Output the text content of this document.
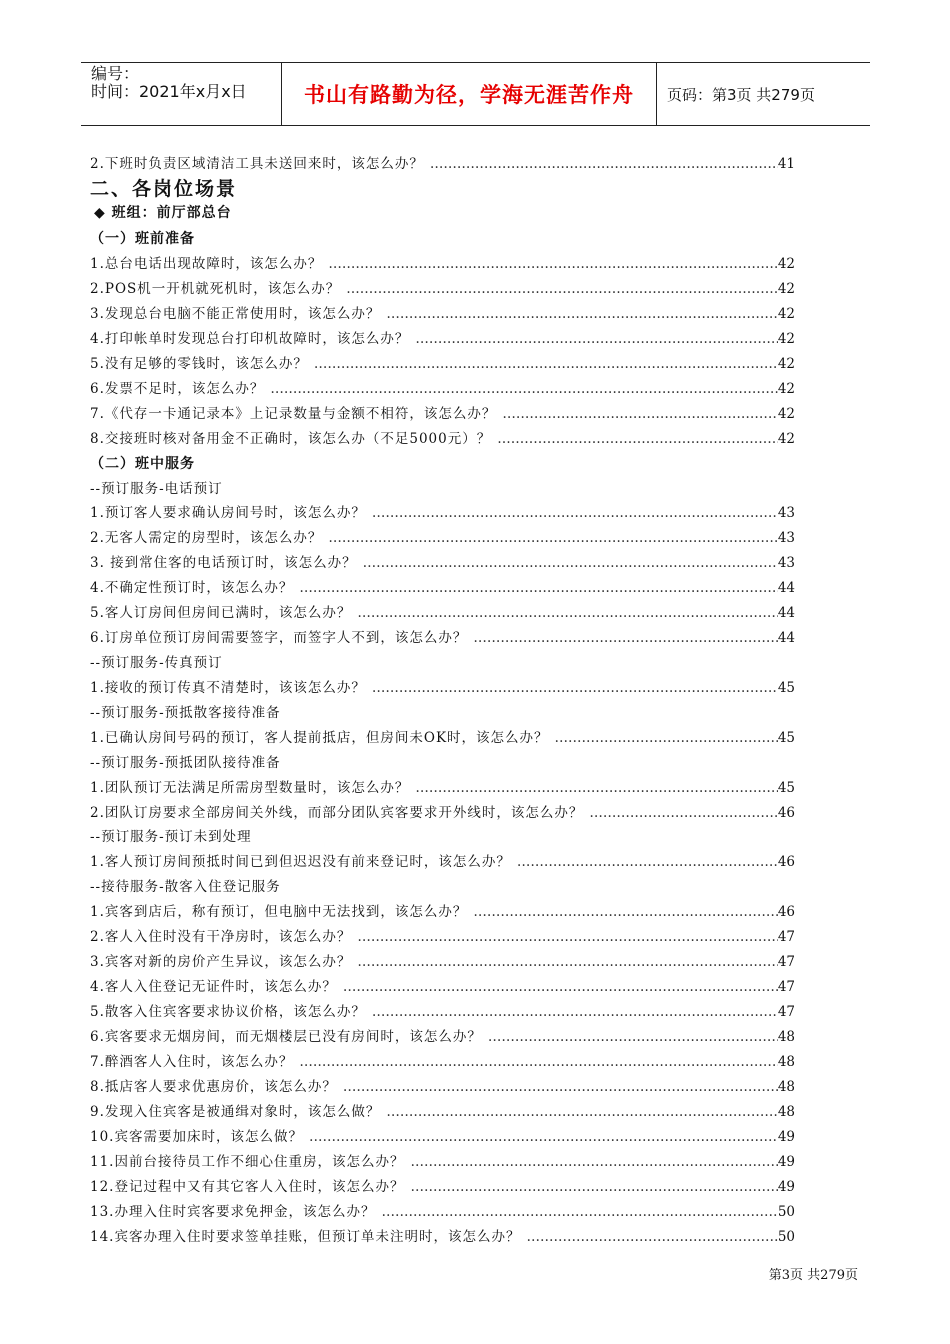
编号：
时间：2021年x月x日	书山有路勤为径，学海无涯苦作舟	页码：第3页 共279页
2.下班时负责区域清洁工具未送回来时，该怎么办？ …………………………………………………………………………………………………………………………………………………………	41
二、各岗位场景
◆ 班组：前厅部总台
（一）班前准备
1.总台电话出现故障时，该怎么办？ …………………………………………………………………………………………………………………………………………………………	42
2.POS机一开机就死机时，该怎么办？ …………………………………………………………………………………………………………………………………………………………	42
3.发现总台电脑不能正常使用时，该怎么办？ …………………………………………………………………………………………………………………………………………………………	42
4.打印帐单时发现总台打印机故障时，该怎么办？ …………………………………………………………………………………………………………………………………………………………	42
5.没有足够的零钱时，该怎么办？ …………………………………………………………………………………………………………………………………………………………	42
6.发票不足时，该怎么办？ …………………………………………………………………………………………………………………………………………………………	42
7.《代存一卡通记录本》上记录数量与金额不相符，该怎么办？ …………………………………………………………………………………………………………………………………………………………	42
8.交接班时核对备用金不正确时，该怎么办（不足5000元）？ …………………………………………………………………………………………………………………………………………………………	42
（二）班中服务
--预订服务-电话预订
1.预订客人要求确认房间号时，该怎么办？ …………………………………………………………………………………………………………………………………………………………	43
2.无客人需定的房型时，该怎么办？ …………………………………………………………………………………………………………………………………………………………	43
3. 接到常住客的电话预订时，该怎么办？ …………………………………………………………………………………………………………………………………………………………	43
4.不确定性预订时，该怎么办？ …………………………………………………………………………………………………………………………………………………………	44
5.客人订房间但房间已满时，该怎么办？ …………………………………………………………………………………………………………………………………………………………	44
6.订房单位预订房间需要签字，而签字人不到，该怎么办？ …………………………………………………………………………………………………………………………………………………………	44
--预订服务-传真预订
1.接收的预订传真不清楚时，该该怎么办？ …………………………………………………………………………………………………………………………………………………………	45
--预订服务-预抵散客接待准备
1.已确认房间号码的预订，客人提前抵店，但房间未OK时，该怎么办？ …………………………………………………………………………………………………………………………………………………………	45
--预订服务-预抵团队接待准备
1.团队预订无法满足所需房型数量时，该怎么办？ …………………………………………………………………………………………………………………………………………………………	45
2.团队订房要求全部房间关外线，而部分团队宾客要求开外线时，该怎么办？ …………………………………………………………………………………………………………………………………………………………	46
--预订服务-预订未到处理
1.客人预订房间预抵时间已到但迟迟没有前来登记时，该怎么办？ …………………………………………………………………………………………………………………………………………………………	46
--接待服务-散客入住登记服务
1.宾客到店后，称有预订，但电脑中无法找到，该怎么办？ …………………………………………………………………………………………………………………………………………………………	46
2.客人入住时没有干净房时，该怎么办？ …………………………………………………………………………………………………………………………………………………………	47
3.宾客对新的房价产生异议，该怎么办？ …………………………………………………………………………………………………………………………………………………………	47
4.客人入住登记无证件时，该怎么办？ …………………………………………………………………………………………………………………………………………………………	47
5.散客入住宾客要求协议价格，该怎么办？ …………………………………………………………………………………………………………………………………………………………	47
6.宾客要求无烟房间，而无烟楼层已没有房间时，该怎么办？ …………………………………………………………………………………………………………………………………………………………	48
7.醉酒客人入住时，该怎么办？ …………………………………………………………………………………………………………………………………………………………	48
8.抵店客人要求优惠房价，该怎么办？ …………………………………………………………………………………………………………………………………………………………	48
9.发现入住宾客是被通缉对象时，该怎么做？ …………………………………………………………………………………………………………………………………………………………	48
10.宾客需要加床时，该怎么做？ …………………………………………………………………………………………………………………………………………………………	49
11.因前台接待员工作不细心住重房，该怎么办？ …………………………………………………………………………………………………………………………………………………………	49
12.登记过程中又有其它客人入住时，该怎么办？ …………………………………………………………………………………………………………………………………………………………	49
13.办理入住时宾客要求免押金，该怎么办？ …………………………………………………………………………………………………………………………………………………………	50
14.宾客办理入住时要求签单挂账，但预订单未注明时，该怎么办？ …………………………………………………………………………………………………………………………………………………………	50
第3页 共279页
